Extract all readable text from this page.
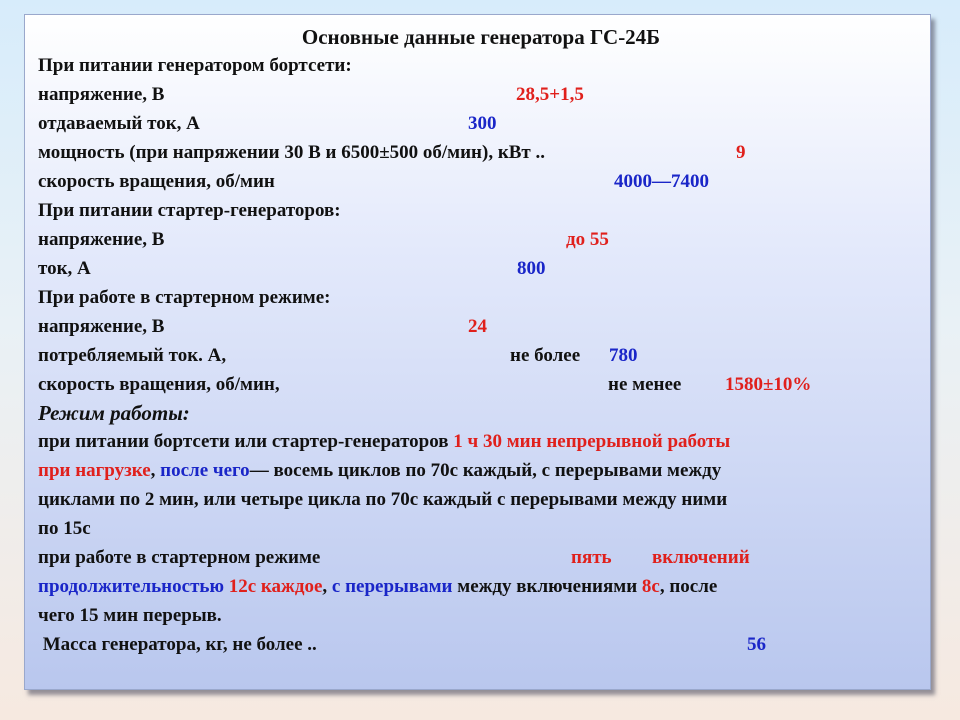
Основные данные генератора ГС-24Б
При питании генератором бортсети:
напряжение, В	28,5+1,5
отдаваемый ток, А	300
мощность (при напряжении 30 В и 6500±500 об/мин), кВт ..	9
скорость вращения, об/мин	4000—7400
При питании стартер-генераторов:
напряжение, В	до 55
ток, А	800
При работе в стартерном режиме:
напряжение, В	24
потребляемый ток. А,	не более 780
скорость вращения, об/мин,	не менее 1580±10%
Режим работы:
при питании бортсети или стартер-генераторов 1 ч 30 мин непрерывной работы
при нагрузке, после чего— восемь циклов по 70с каждый, с перерывами между
циклами по 2 мин, или четыре цикла по 70с каждый с перерывами между ними
по 15с
при работе в стартерном режиме	пять включений
продолжительностью 12с каждое, с перерывами между включениями 8с, после
чего 15 мин перерыв.
Масса генератора, кг, не более ..	56
